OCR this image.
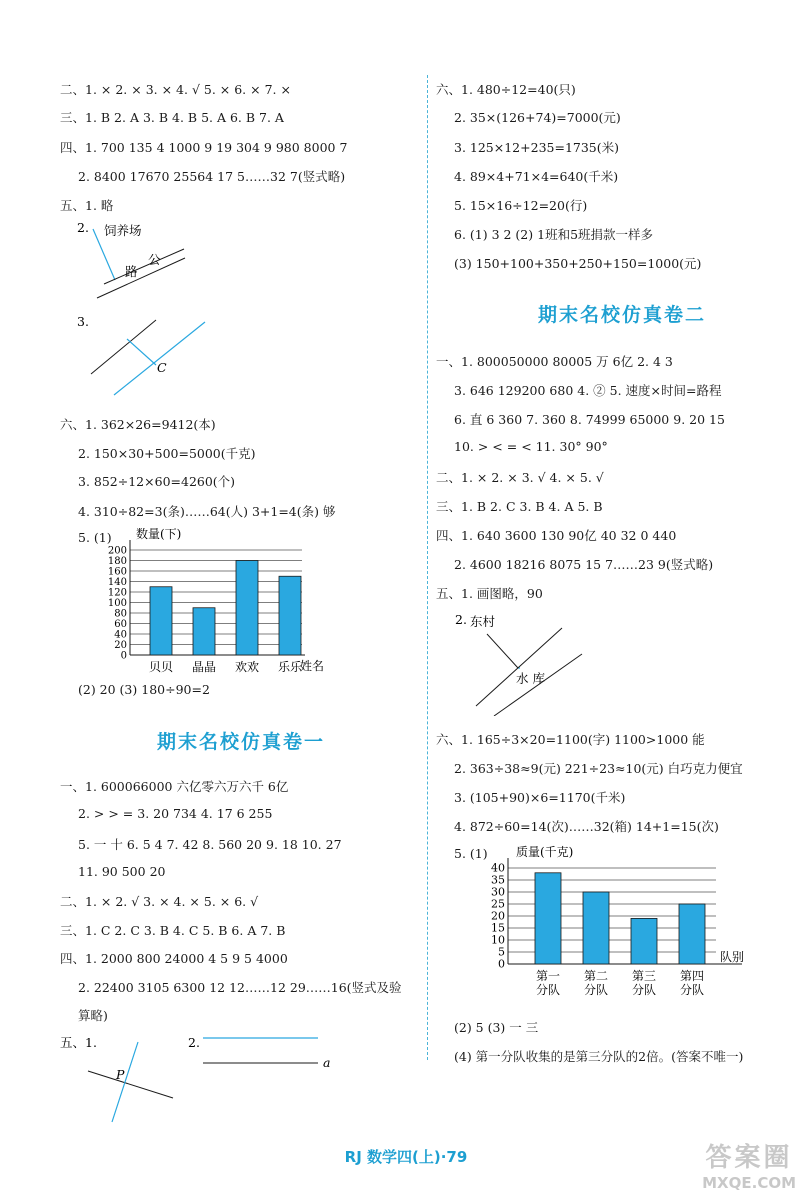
二、1. × 2. × 3. × 4. √ 5. × 6. × 7. ×
三、1. B 2. A 3. B 4. B 5. A 6. B 7. A
四、1. 700 135 4 1000 9 19 304 9 980 8000 7
2. 8400 17670 25564 17 5……32 7(竖式略)
五、1. 略
2. 饲养场
路
公
3.
C
六、1. 362×26=9412(本)
2. 150×30+500=5000(千克)
3. 852÷12×60=4260(个)
4. 310÷82=3(条)……64(人) 3+1=4(条) 够
5. (1)
0
20
40
60
80
100
120
140
160
180
200
数量(下)
姓名
贝贝 晶晶 欢欢 乐乐
(2) 20 (3) 180÷90=2
期末名校仿真卷一
一、1. 600066000 六亿零六万六千 6亿
2. > > = 3. 20 734 4. 17 6 255
5. 一 十 6. 5 4 7. 42 8. 560 20 9. 18 10. 27
11. 90 500 20
二、1. × 2. √ 3. × 4. × 5. × 6. √
三、1. C 2. C 3. B 4. C 5. B 6. A 7. B
四、1. 2000 800 24000 4 5 9 5 4000
2. 22400 3105 6300 12 12……12 29……16(竖式及验
算略)
五、1.
P
2.
a
六、1. 480÷12=40(只)
2. 35×(126+74)=7000(元)
3. 125×12+235=1735(米)
4. 89×4+71×4=640(千米)
5. 15×16÷12=20(行)
6. (1) 3 2 (2) 1班和5班捐款一样多
(3) 150+100+350+250+150=1000(元)
期末名校仿真卷二
一、1. 800050000 80005 万 6亿 2. 4 3
3. 646 129200 680 4. ② 5. 速度×时间=路程
6. 直 6 360 7. 360 8. 74999 65000 9. 20 15
10. > < = < 11. 30° 90°
二、1. × 2. × 3. √ 4. × 5. √
三、1. B 2. C 3. B 4. A 5. B
四、1. 640 3600 130 90亿 40 32 0 440
2. 4600 18216 8075 15 7……23 9(竖式略)
五、1. 画图略，90
2. 东村
水 库
六、1. 165÷3×20=1100(字) 1100>1000 能
2. 363÷38≈9(元) 221÷23≈10(元) 白巧克力便宜
3. (105+90)×6=1170(千米)
4. 872÷60=14(次)……32(箱) 14+1=15(次)
5. (1)
0
5
10
15
20
25
30
35
40
质量(千克)
队别
第一
分队
第二
分队
第三
分队
第四
分队
(2) 5 (3) 一 三
(4) 第一分队收集的是第三分队的2倍。(答案不唯一)
RJ 数学四(上)·79	答案圈
MXQE.COM
